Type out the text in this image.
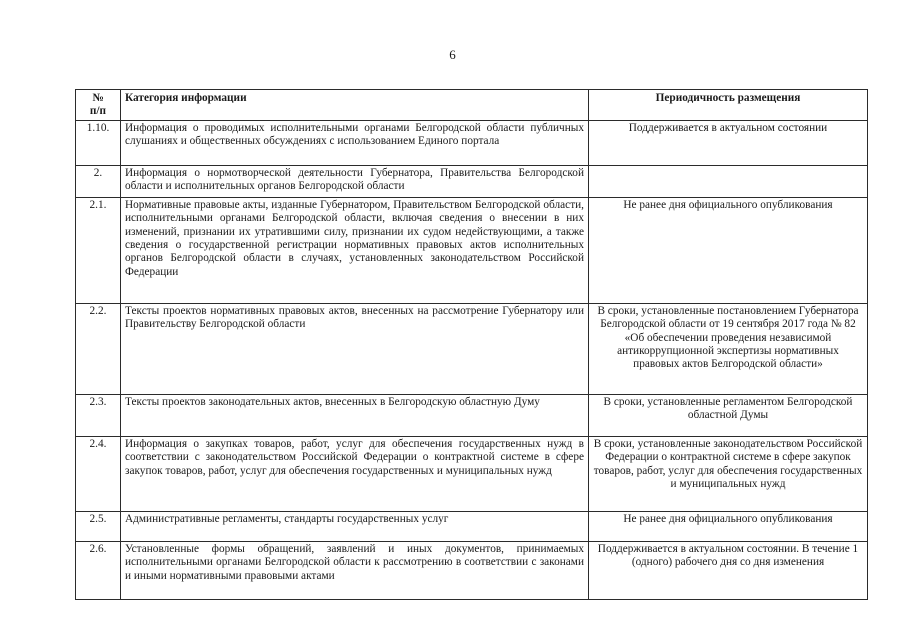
6
№
п/п	Категория информации	Периодичность размещения
1.10.	Информация о проводимых исполнительными органами Белгородской области публичных слушаниях и общественных обсуждениях с использованием Единого портала	Поддерживается в актуальном состоянии
2.	Информация о нормотворческой деятельности Губернатора, Правительства Белгородской области и исполнительных органов Белгородской области	
2.1.	Нормативные правовые акты, изданные Губернатором, Правительством Белгородской области, исполнительными органами Белгородской области, включая сведения о внесении в них изменений, признании их утратившими силу, признании их судом недействующими, а также сведения о государственной регистрации нормативных правовых актов исполнительных органов Белгородской области в случаях, установленных законодательством Российской Федерации	Не ранее дня официального опубликования
2.2.	Тексты проектов нормативных правовых актов, внесенных на рассмотрение Губернатору или Правительству Белгородской области	В сроки, установленные постановлением Губернатора Белгородской области от 19 сентября 2017 года № 82 «Об обеспечении проведения независимой антикоррупционной экспертизы нормативных правовых актов Белгородской области»
2.3.	Тексты проектов законодательных актов, внесенных в Белгородскую областную Думу	В сроки, установленные регламентом Белгородской областной Думы
2.4.	Информация о закупках товаров, работ, услуг для обеспечения государственных нужд в соответствии с законодательством Российской Федерации о контрактной системе в сфере закупок товаров, работ, услуг для обеспечения государственных и муниципальных нужд	В сроки, установленные законодательством Российской Федерации о контрактной системе в сфере закупок товаров, работ, услуг для обеспечения государственных и муниципальных нужд
2.5.	Административные регламенты, стандарты государственных услуг	Не ранее дня официального опубликования
2.6.	Установленные формы обращений, заявлений и иных документов, принимаемых исполнительными органами Белгородской области к рассмотрению в соответствии с законами и иными нормативными правовыми актами	Поддерживается в актуальном состоянии. В течение 1 (одного) рабочего дня со дня изменения
